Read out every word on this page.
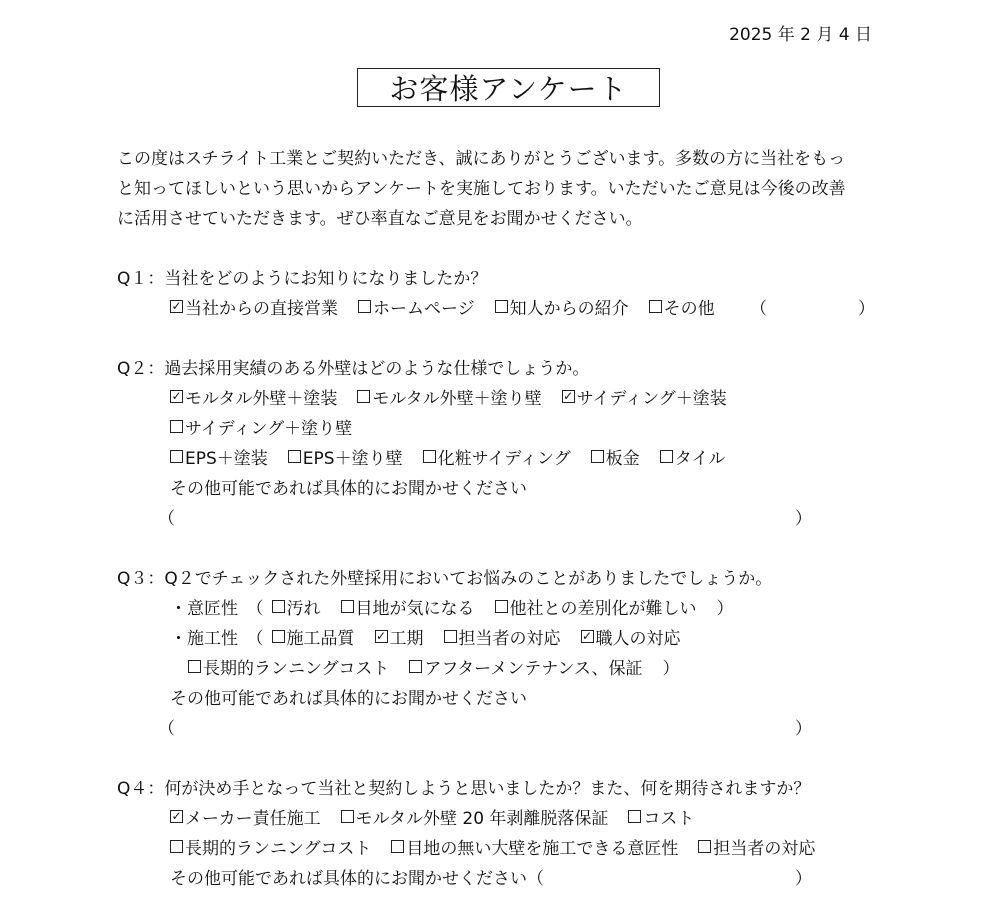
2025 年 2 月 4 日
お客様アンケート
この度はスチライト工業とご契約いただき、誠にありがとうございます。多数の方に当社をもっ
と知ってほしいという思いからアンケートを実施しております。いただいたご意見は今後の改善
に活用させていただきます。ぜひ率直なご意見をお聞かせください。
Q１：当社をどのようにお知りになりましたか？
✓
当社からの直接営業 ホームページ 知人からの紹介 その他 （	）
Q２：過去採用実績のある外壁はどのような仕様でしょうか。
✓
モルタル外壁＋塗装 モルタル外壁＋塗り壁 ✓ サイディング＋塗装
サイディング＋塗り壁
EPS＋塗装 EPS＋塗り壁 化粧サイディング 板金 タイル
その他可能であれば具体的にお聞かせください
（	）
Q３：Q２でチェックされた外壁採用においてお悩みのことがありましたでしょうか。
・意匠性　（ 汚れ 目地が気になる 他社との差別化が難しい ）
・施工性　（ 施工品質 ✓ 工期 担当者の対応 ✓ 職人の対応
長期的ランニングコスト アフターメンテナンス、保証 ）
その他可能であれば具体的にお聞かせください
（	）
Q４：何が決め手となって当社と契約しようと思いましたか？また、何を期待されますか？
✓
メーカー責任施工 モルタル外壁 20 年剥離脱落保証 コスト
長期的ランニングコスト 目地の無い大壁を施工できる意匠性 担当者の対応
その他可能であれば具体的にお聞かせください（	）
